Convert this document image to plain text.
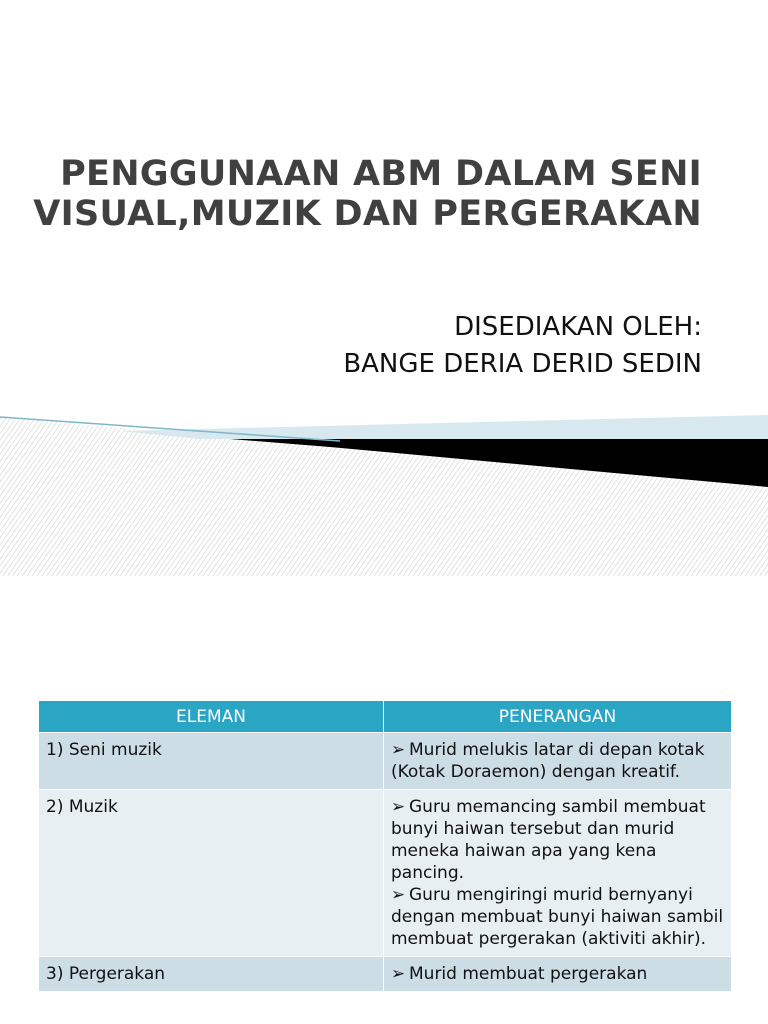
PENGGUNAAN ABM DALAM SENI
VISUAL,MUZIK DAN PERGERAKAN
DISEDIAKAN OLEH:
BANGE DERIA DERID SEDIN
ELEMAN	PENERANGAN
1) Seni muzik	➢ Murid melukis latar di depan kotak (Kotak Doraemon) dengan kreatif.

2) Muzik	➢ Guru memancing sambil membuat bunyi haiwan tersebut dan murid meneka haiwan apa yang kena pancing.
➢ Guru mengiringi murid bernyanyi dengan membuat bunyi haiwan sambil membuat pergerakan (aktiviti akhir).

3) Pergerakan	➢ Murid membuat pergerakan
